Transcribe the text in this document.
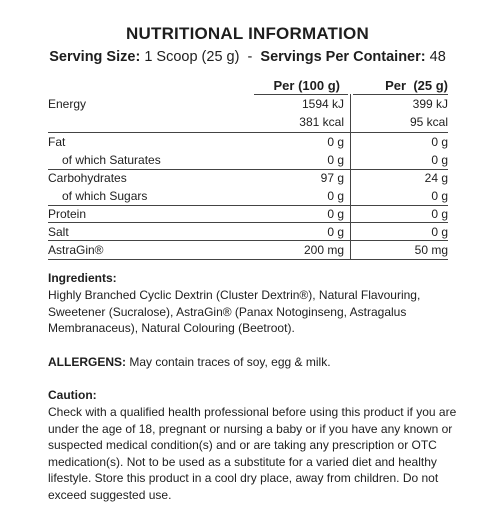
NUTRITIONAL INFORMATION
Serving Size: 1 Scoop (25 g) - Servings Per Container: 48
Per (100 g)	Per  (25 g)
Energy	1594 kJ	399 kJ
381 kcal	95 kcal
Fat	0 g	0 g
of which Saturates	0 g	0 g
Carbohydrates	97 g	24 g
of which Sugars	0 g	0 g
Protein	0 g	0 g
Salt	0 g	0 g
AstraGin®	200 mg	50 mg
Ingredients:
Highly Branched Cyclic Dextrin (Cluster Dextrin®), Natural Flavouring, Sweetener (Sucralose), AstraGin® (Panax Notoginseng, Astragalus Membranaceus), Natural Colouring (Beetroot).
ALLERGENS: May contain traces of soy, egg & milk.
Caution:
Check with a qualified health professional before using this product if you are under the age of 18, pregnant or nursing a baby or if you have any known or suspected medical condition(s) and or are taking any prescription or OTC medication(s). Not to be used as a substitute for a varied diet and healthy lifestyle. Store this product in a cool dry place, away from children. Do not exceed suggested use.
